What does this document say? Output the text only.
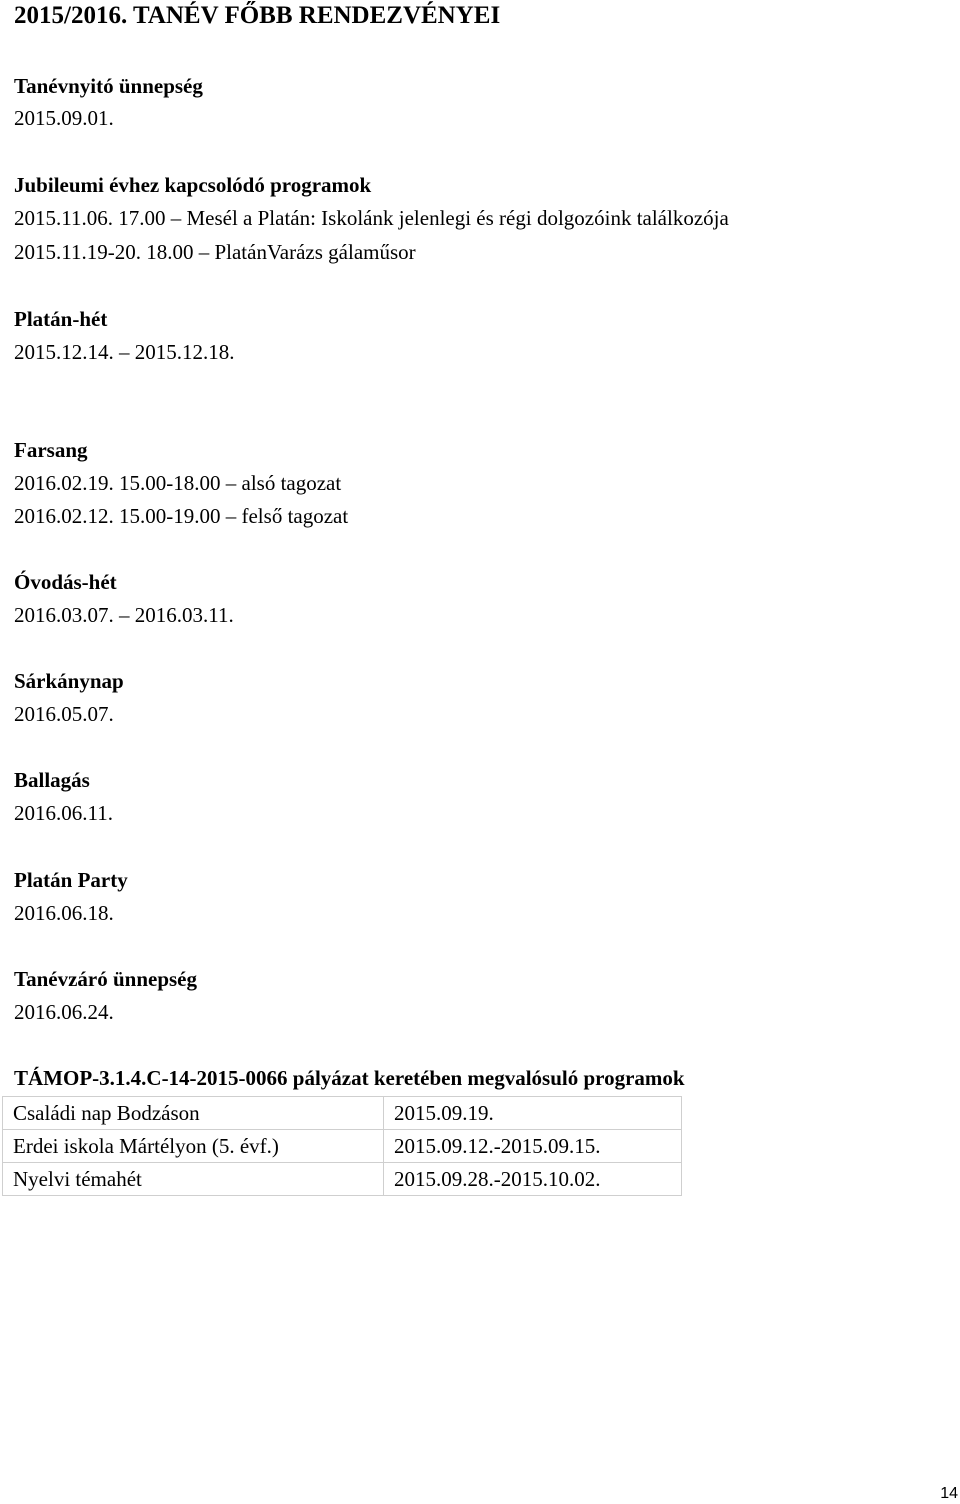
2015/2016. TANÉV FŐBB RENDEZVÉNYEI
Tanévnyitó ünnepség
2015.09.01.
Jubileumi évhez kapcsolódó programok
2015.11.06. 17.00 – Mesél a Platán: Iskolánk jelenlegi és régi dolgozóink találkozója
2015.11.19-20. 18.00 – PlatánVarázs gálaműsor
Platán-hét
2015.12.14. – 2015.12.18.
Farsang
2016.02.19. 15.00-18.00 – alsó tagozat
2016.02.12. 15.00-19.00 – felső tagozat
Óvodás-hét
2016.03.07. – 2016.03.11.
Sárkánynap
2016.05.07.
Ballagás
2016.06.11.
Platán Party
2016.06.18.
Tanévzáró ünnepség
2016.06.24.
TÁMOP-3.1.4.C-14-2015-0066 pályázat keretében megvalósuló programok
Családi nap Bodzáson	2015.09.19.
Erdei iskola Mártélyon (5. évf.)	2015.09.12.-2015.09.15.
Nyelvi témahét	2015.09.28.-2015.10.02.
14
